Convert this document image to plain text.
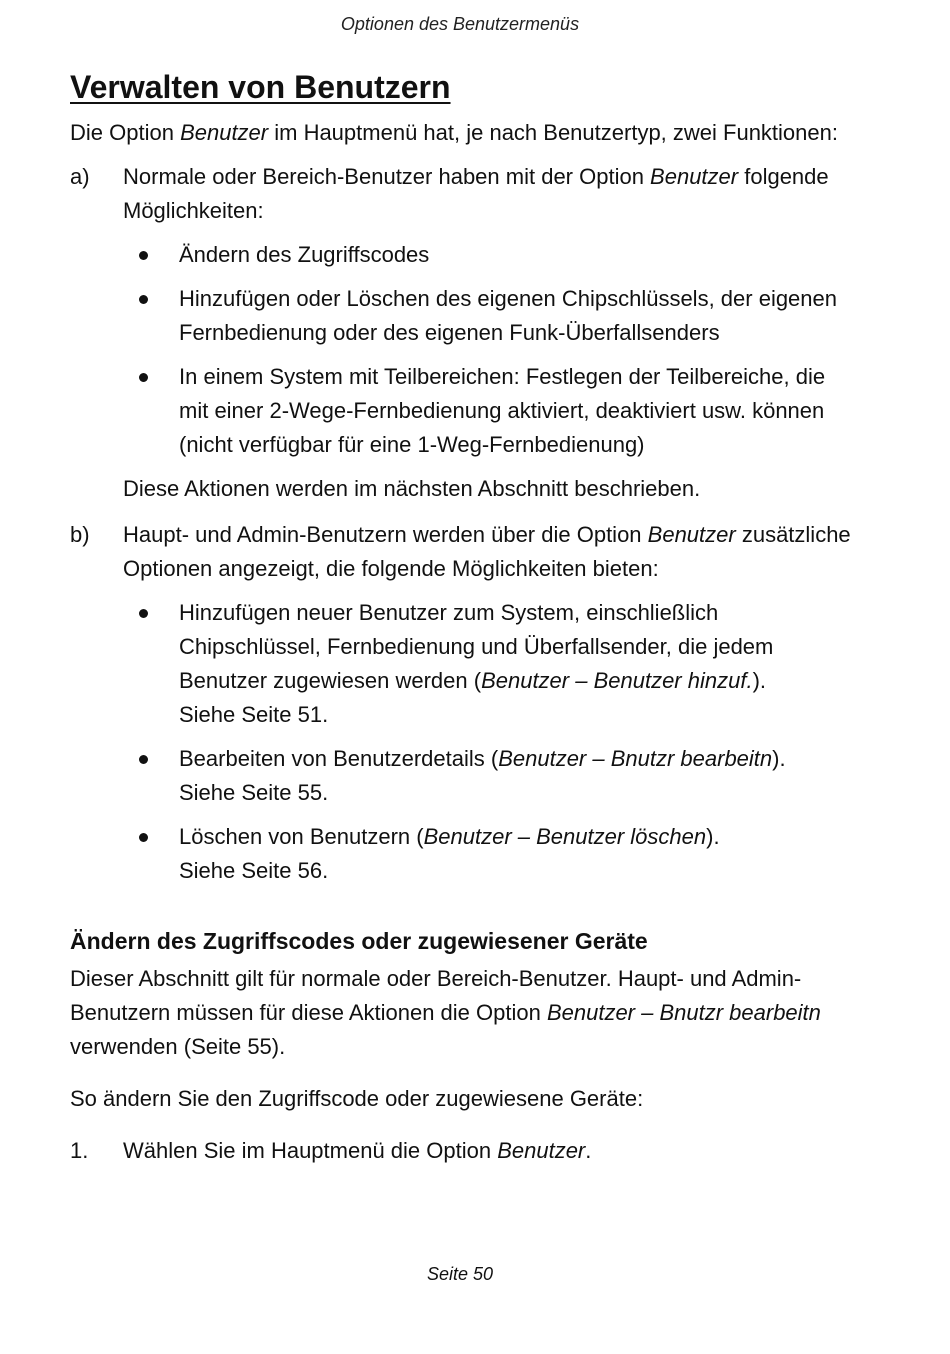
Optionen des Benutzermenüs
Verwalten von Benutzern

Die Option Benutzer im Hauptmenü hat, je nach Benutzertyp, zwei Funktionen:

a) Normale oder Bereich-Benutzer haben mit der Option Benutzer folgende Möglichkeiten:

Ändern des Zugriffscodes
Hinzufügen oder Löschen des eigenen Chipschlüssels, der eigenen Fernbedienung oder des eigenen Funk-Überfallsenders
In einem System mit Teilbereichen: Festlegen der Teilbereiche, die mit einer 2-Wege-Fernbedienung aktiviert, deaktiviert usw. können (nicht verfügbar für eine 1-Weg-Fernbedienung)

Diese Aktionen werden im nächsten Abschnitt beschrieben.

b) Haupt- und Admin-Benutzern werden über die Option Benutzer zusätzliche Optionen angezeigt, die folgende Möglichkeiten bieten:

Hinzufügen neuer Benutzer zum System, einschließlich Chipschlüssel, Fernbedienung und Überfallsender, die jedem Benutzer zugewiesen werden (Benutzer – Benutzer hinzuf.).
Siehe Seite 51.
Bearbeiten von Benutzerdetails (Benutzer – Bnutzr bearbeitn).
Siehe Seite 55.
Löschen von Benutzern (Benutzer – Benutzer löschen).
Siehe Seite 56.
Ändern des Zugriffscodes oder zugewiesener Geräte

Dieser Abschnitt gilt für normale oder Bereich-Benutzer. Haupt- und Admin-Benutzern müssen für diese Aktionen die Option Benutzer – Bnutzr bearbeitn verwenden (Seite 55).

So ändern Sie den Zugriffscode oder zugewiesene Geräte:

1. Wählen Sie im Hauptmenü die Option Benutzer.

Seite 50
